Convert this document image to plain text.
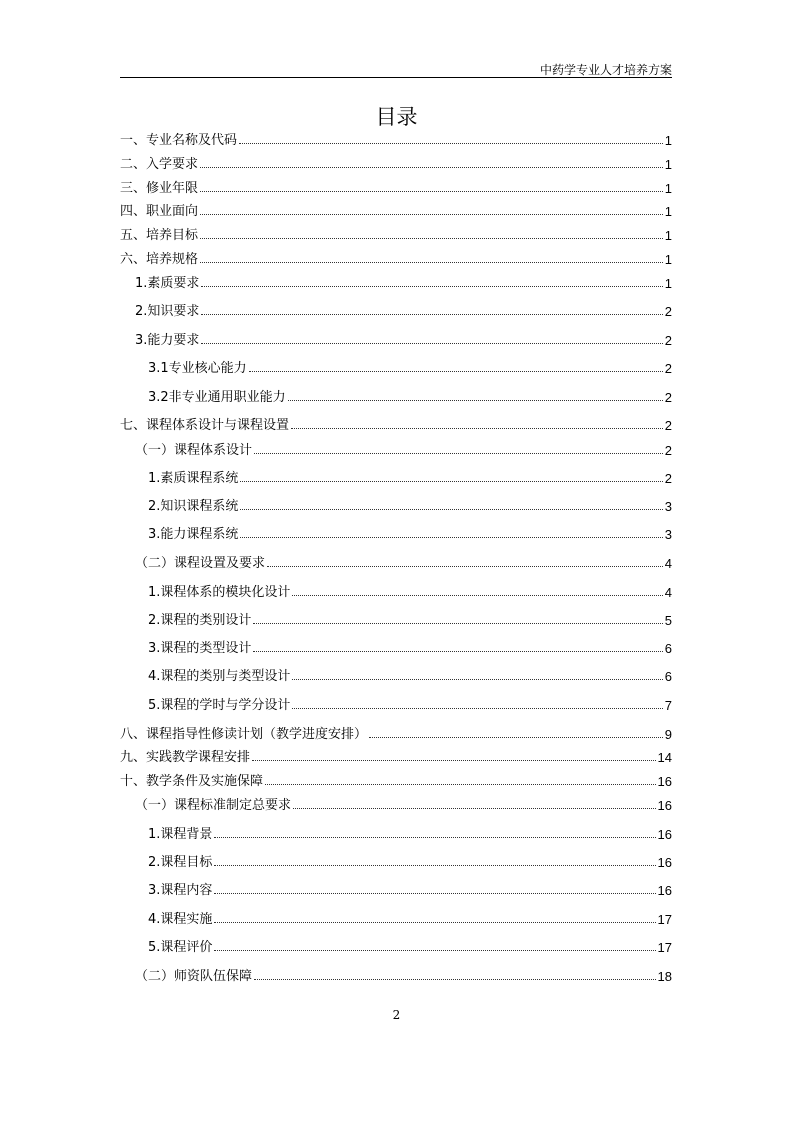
中药学专业人才培养方案
目录
一、专业名称及代码	1
二、入学要求	1
三、修业年限	1
四、职业面向	1
五、培养目标	1
六、培养规格	1
1.素质要求	1
2.知识要求	2
3.能力要求	2
3.1专业核心能力	2
3.2非专业通用职业能力	2
七、课程体系设计与课程设置	2
（一）课程体系设计	2
1.素质课程系统	2
2.知识课程系统	3
3.能力课程系统	3
（二）课程设置及要求	4
1.课程体系的模块化设计	4
2.课程的类别设计	5
3.课程的类型设计	6
4.课程的类别与类型设计	6
5.课程的学时与学分设计	7
八、课程指导性修读计划（教学进度安排）	9
九、实践教学课程安排	14
十、教学条件及实施保障	16
（一）课程标准制定总要求	16
1.课程背景	16
2.课程目标	16
3.课程内容	16
4.课程实施	17
5.课程评价	17
（二）师资队伍保障	18
2
